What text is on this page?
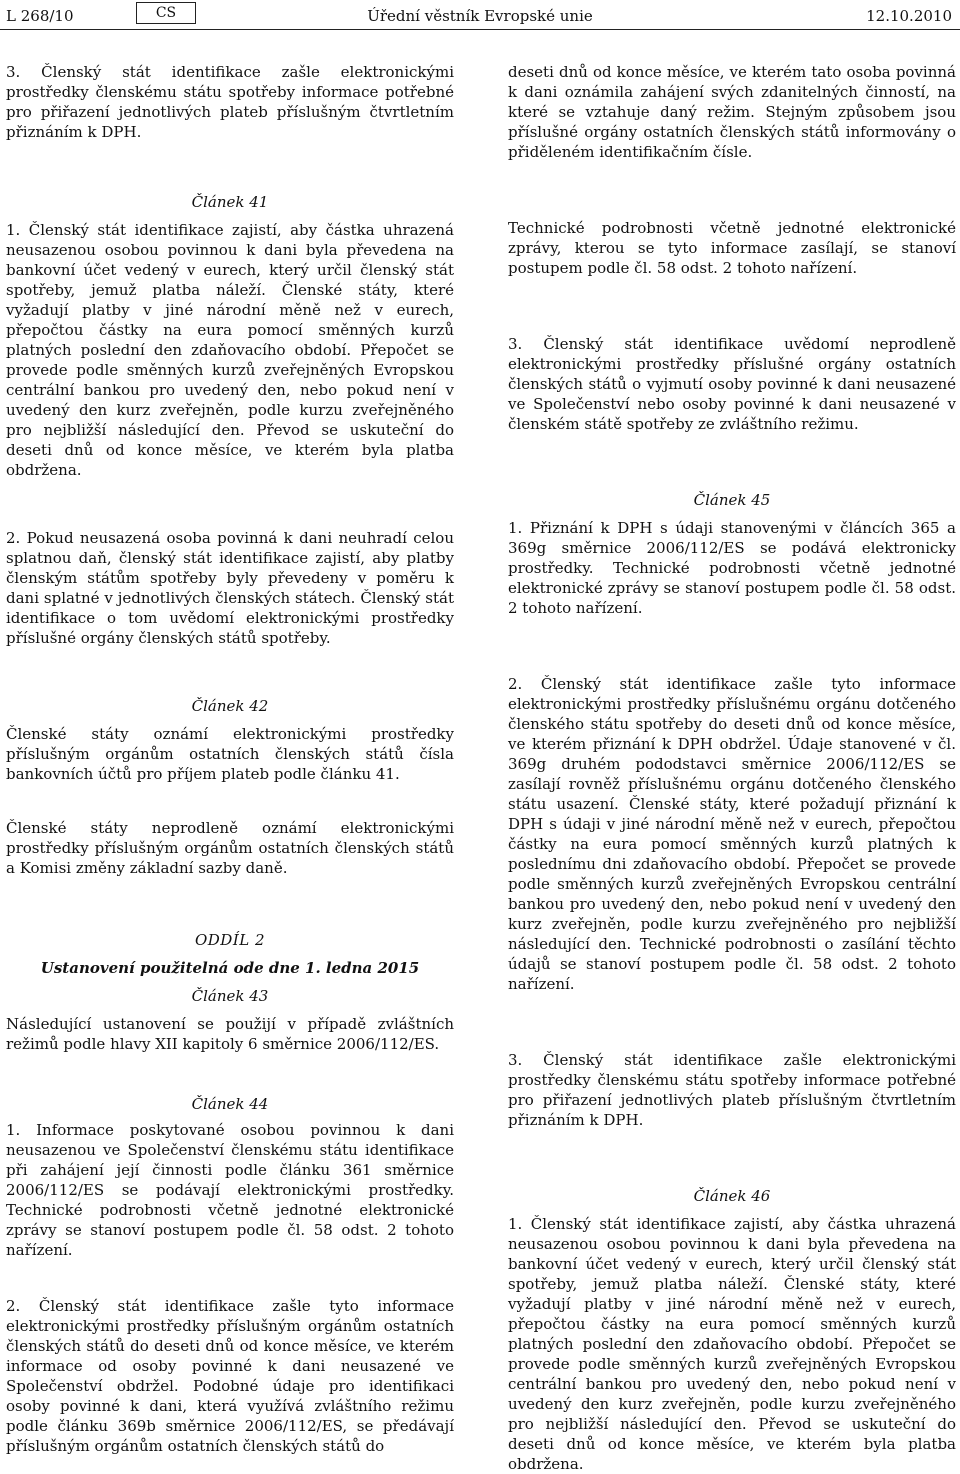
L 268/10	CS	Úřední věstník Evropské unie	12.10.2010

3. Členský stát identifikace zašle elektronickými prostředky členskému státu spotřeby informace potřebné pro přiřazení jednotlivých plateb příslušným čtvrtletním přiznáním k DPH.

Článek 41

1. Členský stát identifikace zajistí, aby částka uhrazená neusazenou osobou povinnou k dani byla převedena na bankovní účet vedený v eurech, který určil členský stát spotřeby, jemuž platba náleží. Členské státy, které vyžadují platby v jiné národní měně než v eurech, přepočtou částky na eura pomocí směnných kurzů platných poslední den zdaňovacího období. Přepočet se provede podle směnných kurzů zveřejněných Evropskou centrální bankou pro uvedený den, nebo pokud není v uvedený den kurz zveřejněn, podle kurzu zveřejněného pro nejbližší následující den. Převod se uskuteční do deseti dnů od konce měsíce, ve kterém byla platba obdržena.

2. Pokud neusazená osoba povinná k dani neuhradí celou splatnou daň, členský stát identifikace zajistí, aby platby členským státům spotřeby byly převedeny v poměru k dani splatné v jednotlivých členských státech. Členský stát identifikace o tom uvědomí elektronickými prostředky příslušné orgány členských států spotřeby.

Článek 42

Členské státy oznámí elektronickými prostředky příslušným orgánům ostatních členských států čísla bankovních účtů pro příjem plateb podle článku 41.

Členské státy neprodleně oznámí elektronickými prostředky příslušným orgánům ostatních členských států a Komisi změny základní sazby daně.

ODDÍL 2

Ustanovení použitelná ode dne 1. ledna 2015

Článek 43

Následující ustanovení se použijí v případě zvláštních režimů podle hlavy XII kapitoly 6 směrnice 2006/112/ES.

Článek 44

1. Informace poskytované osobou povinnou k dani neusazenou ve Společenství členskému státu identifikace při zahájení její činnosti podle článku 361 směrnice 2006/112/ES se podávají elektronickými prostředky. Technické podrobnosti včetně jednotné elektronické zprávy se stanoví postupem podle čl. 58 odst. 2 tohoto nařízení.

2. Členský stát identifikace zašle tyto informace elektronickými prostředky příslušným orgánům ostatních členských států do deseti dnů od konce měsíce, ve kterém informace od osoby povinné k dani neusazené ve Společenství obdržel. Podobné údaje pro identifikaci osoby povinné k dani, která využívá zvláštního režimu podle článku 369b směrnice 2006/112/ES, se předávají příslušným orgánům ostatních členských států do

deseti dnů od konce měsíce, ve kterém tato osoba povinná k dani oznámila zahájení svých zdanitelných činností, na které se vztahuje daný režim. Stejným způsobem jsou příslušné orgány ostatních členských států informovány o přiděleném identifikačním čísle.

Technické podrobnosti včetně jednotné elektronické zprávy, kterou se tyto informace zasílají, se stanoví postupem podle čl. 58 odst. 2 tohoto nařízení.

3. Členský stát identifikace uvědomí neprodleně elektronickými prostředky příslušné orgány ostatních členských států o vyjmutí osoby povinné k dani neusazené ve Společenství nebo osoby povinné k dani neusazené v členském státě spotřeby ze zvláštního režimu.

Článek 45

1. Přiznání k DPH s údaji stanovenými v článcích 365 a 369g směrnice 2006/112/ES se podává elektronicky prostředky. Technické podrobnosti včetně jednotné elektronické zprávy se stanoví postupem podle čl. 58 odst. 2 tohoto nařízení.

2. Členský stát identifikace zašle tyto informace elektronickými prostředky příslušnému orgánu dotčeného členského státu spotřeby do deseti dnů od konce měsíce, ve kterém přiznání k DPH obdržel. Údaje stanovené v čl. 369g druhém pododstavci směrnice 2006/112/ES se zasílají rovněž příslušnému orgánu dotčeného členského státu usazení. Členské státy, které požadují přiznání k DPH s údaji v jiné národní měně než v eurech, přepočtou částky na eura pomocí směnných kurzů platných k poslednímu dni zdaňovacího období. Přepočet se provede podle směnných kurzů zveřejněných Evropskou centrální bankou pro uvedený den, nebo pokud není v uvedený den kurz zveřejněn, podle kurzu zveřejněného pro nejbližší následující den. Technické podrobnosti o zasílání těchto údajů se stanoví postupem podle čl. 58 odst. 2 tohoto nařízení.

3. Členský stát identifikace zašle elektronickými prostředky členskému státu spotřeby informace potřebné pro přiřazení jednotlivých plateb příslušným čtvrtletním přiznáním k DPH.

Článek 46

1. Členský stát identifikace zajistí, aby částka uhrazená neusazenou osobou povinnou k dani byla převedena na bankovní účet vedený v eurech, který určil členský stát spotřeby, jemuž platba náleží. Členské státy, které vyžadují platby v jiné národní měně než v eurech, přepočtou částky na eura pomocí směnných kurzů platných poslední den zdaňovacího období. Přepočet se provede podle směnných kurzů zveřejněných Evropskou centrální bankou pro uvedený den, nebo pokud není v uvedený den kurz zveřejněn, podle kurzu zveřejněného pro nejbližší následující den. Převod se uskuteční do deseti dnů od konce měsíce, ve kterém byla platba obdržena.
